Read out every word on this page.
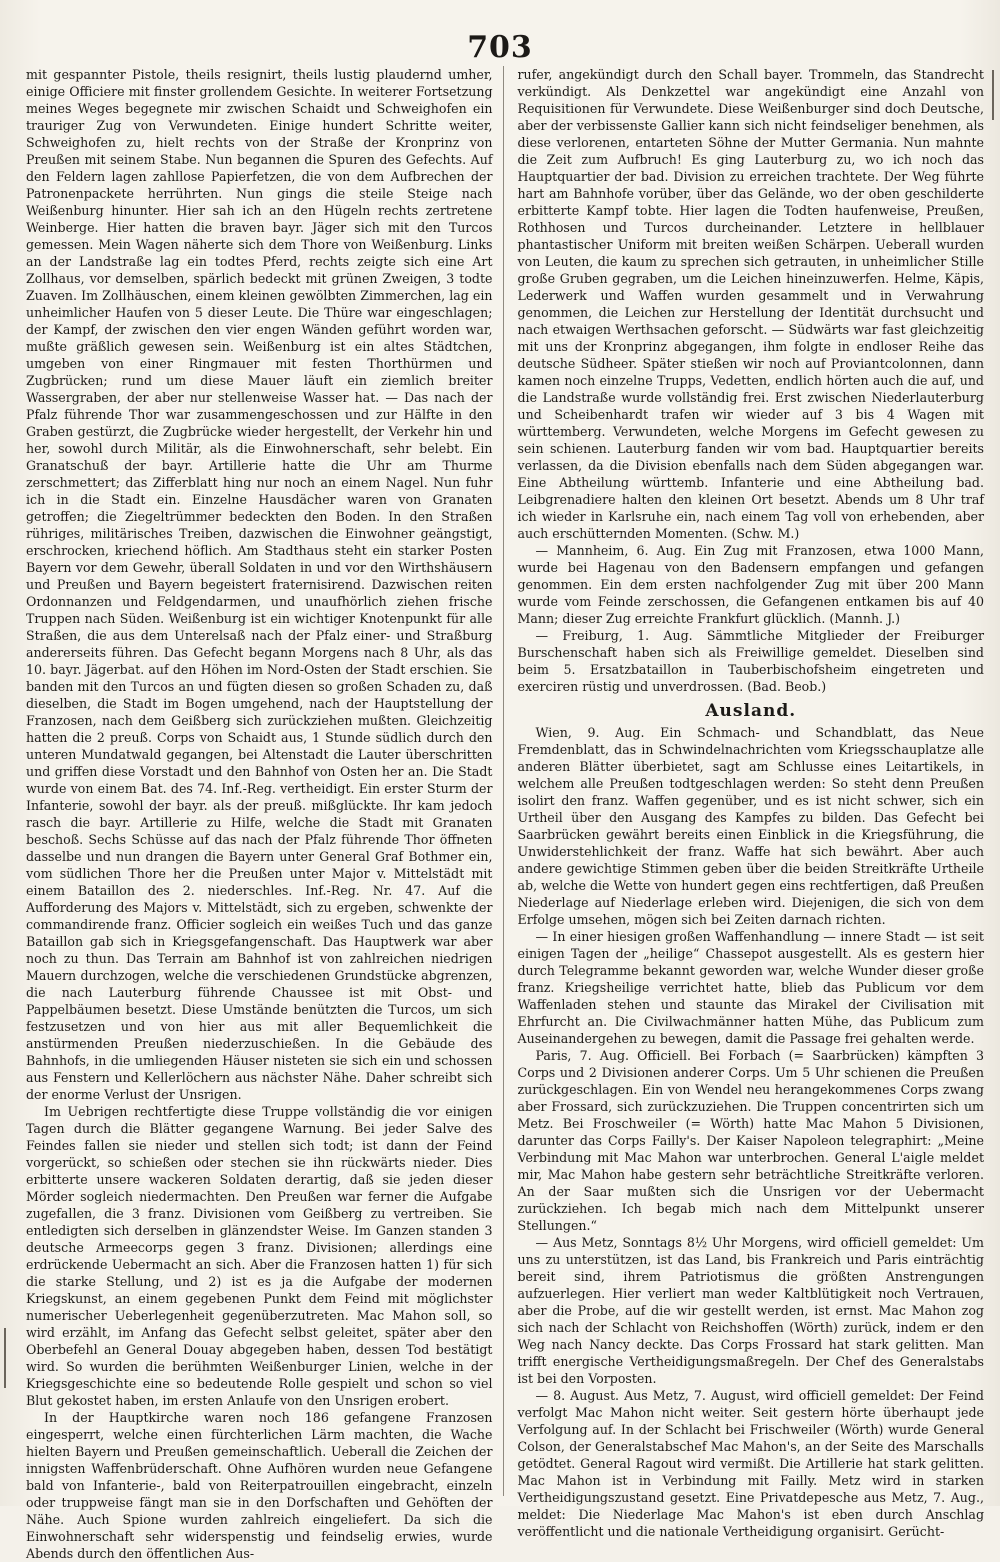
703

mit gespannter Pistole, theils resignirt, theils lustig plaudernd umher, einige Officiere mit finster grollendem Gesichte. In weiterer Fortsetzung meines Weges begegnete mir zwischen Schaidt und Schweighofen ein trauriger Zug von Verwundeten. Einige hundert Schritte weiter, Schweighofen zu, hielt rechts von der Straße der Kronprinz von Preußen mit seinem Stabe. Nun begannen die Spuren des Gefechts. Auf den Feldern lagen zahllose Papierfetzen, die von dem Aufbrechen der Patronenpackete herrührten. Nun gings die steile Steige nach Weißenburg hinunter. Hier sah ich an den Hügeln rechts zertretene Weinberge. Hier hatten die braven bayr. Jäger sich mit den Turcos gemessen. Mein Wagen näherte sich dem Thore von Weißenburg. Links an der Landstraße lag ein todtes Pferd, rechts zeigte sich eine Art Zollhaus, vor demselben, spärlich bedeckt mit grünen Zweigen, 3 todte Zuaven. Im Zollhäuschen, einem kleinen gewölbten Zimmerchen, lag ein unheimlicher Haufen von 5 dieser Leute. Die Thüre war eingeschlagen; der Kampf, der zwischen den vier engen Wänden geführt worden war, mußte gräßlich gewesen sein. Weißenburg ist ein altes Städtchen, umgeben von einer Ringmauer mit festen Thorthürmen und Zugbrücken; rund um diese Mauer läuft ein ziemlich breiter Wassergraben, der aber nur stellenweise Wasser hat. — Das nach der Pfalz führende Thor war zusammengeschossen und zur Hälfte in den Graben gestürzt, die Zugbrücke wieder hergestellt, der Verkehr hin und her, sowohl durch Militär, als die Einwohnerschaft, sehr belebt. Ein Granatschuß der bayr. Artillerie hatte die Uhr am Thurme zerschmettert; das Zifferblatt hing nur noch an einem Nagel. Nun fuhr ich in die Stadt ein. Einzelne Hausdächer waren von Granaten getroffen; die Ziegeltrümmer bedeckten den Boden. In den Straßen rühriges, militärisches Treiben, dazwischen die Einwohner geängstigt, erschrocken, kriechend höflich. Am Stadthaus steht ein starker Posten Bayern vor dem Gewehr, überall Soldaten in und vor den Wirthshäusern und Preußen und Bayern begeistert fraternisirend. Dazwischen reiten Ordonnanzen und Feldgendarmen, und unaufhörlich ziehen frische Truppen nach Süden. Weißenburg ist ein wichtiger Knotenpunkt für alle Straßen, die aus dem Unterelsaß nach der Pfalz einer- und Straßburg andererseits führen. Das Gefecht begann Morgens nach 8 Uhr, als das 10. bayr. Jägerbat. auf den Höhen im Nord-Osten der Stadt erschien. Sie banden mit den Turcos an und fügten diesen so großen Schaden zu, daß dieselben, die Stadt im Bogen umgehend, nach der Hauptstellung der Franzosen, nach dem Geißberg sich zurückziehen mußten. Gleichzeitig hatten die 2 preuß. Corps von Schaidt aus, 1 Stunde südlich durch den unteren Mundatwald gegangen, bei Altenstadt die Lauter überschritten und griffen diese Vorstadt und den Bahnhof von Osten her an. Die Stadt wurde von einem Bat. des 74. Inf.-Reg. vertheidigt. Ein erster Sturm der Infanterie, sowohl der bayr. als der preuß. mißglückte. Ihr kam jedoch rasch die bayr. Artillerie zu Hilfe, welche die Stadt mit Granaten beschoß. Sechs Schüsse auf das nach der Pfalz führende Thor öffneten dasselbe und nun drangen die Bayern unter General Graf Bothmer ein, vom südlichen Thore her die Preußen unter Major v. Mittelstädt mit einem Bataillon des 2. niederschles. Inf.-Reg. Nr. 47. Auf die Aufforderung des Majors v. Mittelstädt, sich zu ergeben, schwenkte der commandirende franz. Officier sogleich ein weißes Tuch und das ganze Bataillon gab sich in Kriegsgefangenschaft. Das Hauptwerk war aber noch zu thun. Das Terrain am Bahnhof ist von zahlreichen niedrigen Mauern durchzogen, welche die verschiedenen Grundstücke abgrenzen, die nach Lauterburg führende Chaussee ist mit Obst- und Pappelbäumen besetzt. Diese Umstände benützten die Turcos, um sich festzusetzen und von hier aus mit aller Bequemlichkeit die anstürmenden Preußen niederzuschießen. In die Gebäude des Bahnhofs, in die umliegenden Häuser nisteten sie sich ein und schossen aus Fenstern und Kellerlöchern aus nächster Nähe. Daher schreibt sich der enorme Verlust der Unsrigen.

Im Uebrigen rechtfertigte diese Truppe vollständig die vor einigen Tagen durch die Blätter gegangene Warnung. Bei jeder Salve des Feindes fallen sie nieder und stellen sich todt; ist dann der Feind vorgerückt, so schießen oder stechen sie ihn rückwärts nieder. Dies erbitterte unsere wackeren Soldaten derartig, daß sie jeden dieser Mörder sogleich niedermachten. Den Preußen war ferner die Aufgabe zugefallen, die 3 franz. Divisionen vom Geißberg zu vertreiben. Sie entledigten sich derselben in glänzendster Weise. Im Ganzen standen 3 deutsche Armeecorps gegen 3 franz. Divisionen; allerdings eine erdrückende Uebermacht an sich. Aber die Franzosen hatten 1) für sich die starke Stellung, und 2) ist es ja die Aufgabe der modernen Kriegskunst, an einem gegebenen Punkt dem Feind mit möglichster numerischer Ueberlegenheit gegenüberzutreten. Mac Mahon soll, so wird erzählt, im Anfang das Gefecht selbst geleitet, später aber den Oberbefehl an General Douay abgegeben haben, dessen Tod bestätigt wird. So wurden die berühmten Weißenburger Linien, welche in der Kriegsgeschichte eine so bedeutende Rolle gespielt und schon so viel Blut gekostet haben, im ersten Anlaufe von den Unsrigen erobert.

In der Hauptkirche waren noch 186 gefangene Franzosen eingesperrt, welche einen fürchterlichen Lärm machten, die Wache hielten Bayern und Preußen gemeinschaftlich. Ueberall die Zeichen der innigsten Waffenbrüderschaft. Ohne Aufhören wurden neue Gefangene bald von Infanterie-, bald von Reiterpatrouillen eingebracht, einzeln oder truppweise fängt man sie in den Dorfschaften und Gehöften der Nähe. Auch Spione wurden zahlreich eingeliefert. Da sich die Einwohnerschaft sehr widerspenstig und feindselig erwies, wurde Abends durch den öffentlichen Aus-

rufer, angekündigt durch den Schall bayer. Trommeln, das Standrecht verkündigt. Als Denkzettel war angekündigt eine Anzahl von Requisitionen für Verwundete. Diese Weißenburger sind doch Deutsche, aber der verbissenste Gallier kann sich nicht feindseliger benehmen, als diese verlorenen, entarteten Söhne der Mutter Germania. Nun mahnte die Zeit zum Aufbruch! Es ging Lauterburg zu, wo ich noch das Hauptquartier der bad. Division zu erreichen trachtete. Der Weg führte hart am Bahnhofe vorüber, über das Gelände, wo der oben geschilderte erbitterte Kampf tobte. Hier lagen die Todten haufenweise, Preußen, Rothhosen und Turcos durcheinander. Letztere in hellblauer phantastischer Uniform mit breiten weißen Schärpen. Ueberall wurden von Leuten, die kaum zu sprechen sich getrauten, in unheimlicher Stille große Gruben gegraben, um die Leichen hineinzuwerfen. Helme, Käpis, Lederwerk und Waffen wurden gesammelt und in Verwahrung genommen, die Leichen zur Herstellung der Identität durchsucht und nach etwaigen Werthsachen geforscht. — Südwärts war fast gleichzeitig mit uns der Kronprinz abgegangen, ihm folgte in endloser Reihe das deutsche Südheer. Später stießen wir noch auf Proviantcolonnen, dann kamen noch einzelne Trupps, Vedetten, endlich hörten auch die auf, und die Landstraße wurde vollständig frei. Erst zwischen Niederlauterburg und Scheibenhardt trafen wir wieder auf 3 bis 4 Wagen mit württemberg. Verwundeten, welche Morgens im Gefecht gewesen zu sein schienen. Lauterburg fanden wir vom bad. Hauptquartier bereits verlassen, da die Division ebenfalls nach dem Süden abgegangen war. Eine Abtheilung württemb. Infanterie und eine Abtheilung bad. Leibgrenadiere halten den kleinen Ort besetzt. Abends um 8 Uhr traf ich wieder in Karlsruhe ein, nach einem Tag voll von erhebenden, aber auch erschütternden Momenten. (Schw. M.)

— Mannheim, 6. Aug. Ein Zug mit Franzosen, etwa 1000 Mann, wurde bei Hagenau von den Badensern empfangen und gefangen genommen. Ein dem ersten nachfolgender Zug mit über 200 Mann wurde vom Feinde zerschossen, die Gefangenen entkamen bis auf 40 Mann; dieser Zug erreichte Frankfurt glücklich. (Mannh. J.)

— Freiburg, 1. Aug. Sämmtliche Mitglieder der Freiburger Burschenschaft haben sich als Freiwillige gemeldet. Dieselben sind beim 5. Ersatzbataillon in Tauberbischofsheim eingetreten und exerciren rüstig und unverdrossen. (Bad. Beob.)

Ausland.

Wien, 9. Aug. Ein Schmach- und Schandblatt, das Neue Fremdenblatt, das in Schwindelnachrichten vom Kriegsschauplatze alle anderen Blätter überbietet, sagt am Schlusse eines Leitartikels, in welchem alle Preußen todtgeschlagen werden: So steht denn Preußen isolirt den franz. Waffen gegenüber, und es ist nicht schwer, sich ein Urtheil über den Ausgang des Kampfes zu bilden. Das Gefecht bei Saarbrücken gewährt bereits einen Einblick in die Kriegsführung, die Unwiderstehlichkeit der franz. Waffe hat sich bewährt. Aber auch andere gewichtige Stimmen geben über die beiden Streitkräfte Urtheile ab, welche die Wette von hundert gegen eins rechtfertigen, daß Preußen Niederlage auf Niederlage erleben wird. Diejenigen, die sich von dem Erfolge umsehen, mögen sich bei Zeiten darnach richten.

— In einer hiesigen großen Waffenhandlung — innere Stadt — ist seit einigen Tagen der „heilige“ Chassepot ausgestellt. Als es gestern hier durch Telegramme bekannt geworden war, welche Wunder dieser große franz. Kriegsheilige verrichtet hatte, blieb das Publicum vor dem Waffenladen stehen und staunte das Mirakel der Civilisation mit Ehrfurcht an. Die Civilwachmänner hatten Mühe, das Publicum zum Auseinandergehen zu bewegen, damit die Passage frei gehalten werde.

Paris, 7. Aug. Officiell. Bei Forbach (= Saarbrücken) kämpften 3 Corps und 2 Divisionen anderer Corps. Um 5 Uhr schienen die Preußen zurückgeschlagen. Ein von Wendel neu herangekommenes Corps zwang aber Frossard, sich zurückzuziehen. Die Truppen concentrirten sich um Metz. Bei Froschweiler (= Wörth) hatte Mac Mahon 5 Divisionen, darunter das Corps Failly's. Der Kaiser Napoleon telegraphirt: „Meine Verbindung mit Mac Mahon war unterbrochen. General L'aigle meldet mir, Mac Mahon habe gestern sehr beträchtliche Streitkräfte verloren. An der Saar mußten sich die Unsrigen vor der Uebermacht zurückziehen. Ich begab mich nach dem Mittelpunkt unserer Stellungen.“

— Aus Metz, Sonntags 8½ Uhr Morgens, wird officiell gemeldet: Um uns zu unterstützen, ist das Land, bis Frankreich und Paris einträchtig bereit sind, ihrem Patriotismus die größten Anstrengungen aufzuerlegen. Hier verliert man weder Kaltblütigkeit noch Vertrauen, aber die Probe, auf die wir gestellt werden, ist ernst. Mac Mahon zog sich nach der Schlacht von Reichshoffen (Wörth) zurück, indem er den Weg nach Nancy deckte. Das Corps Frossard hat stark gelitten. Man trifft energische Vertheidigungsmaßregeln. Der Chef des Generalstabs ist bei den Vorposten.

— 8. August. Aus Metz, 7. August, wird officiell gemeldet: Der Feind verfolgt Mac Mahon nicht weiter. Seit gestern hörte überhaupt jede Verfolgung auf. In der Schlacht bei Frischweiler (Wörth) wurde General Colson, der Generalstabschef Mac Mahon's, an der Seite des Marschalls getödtet. General Ragout wird vermißt. Die Artillerie hat stark gelitten. Mac Mahon ist in Verbindung mit Failly. Metz wird in starken Vertheidigungszustand gesetzt. Eine Privatdepesche aus Metz, 7. Aug., meldet: Die Niederlage Mac Mahon's ist eben durch Anschlag veröffentlicht und die nationale Vertheidigung organisirt. Gerücht-
